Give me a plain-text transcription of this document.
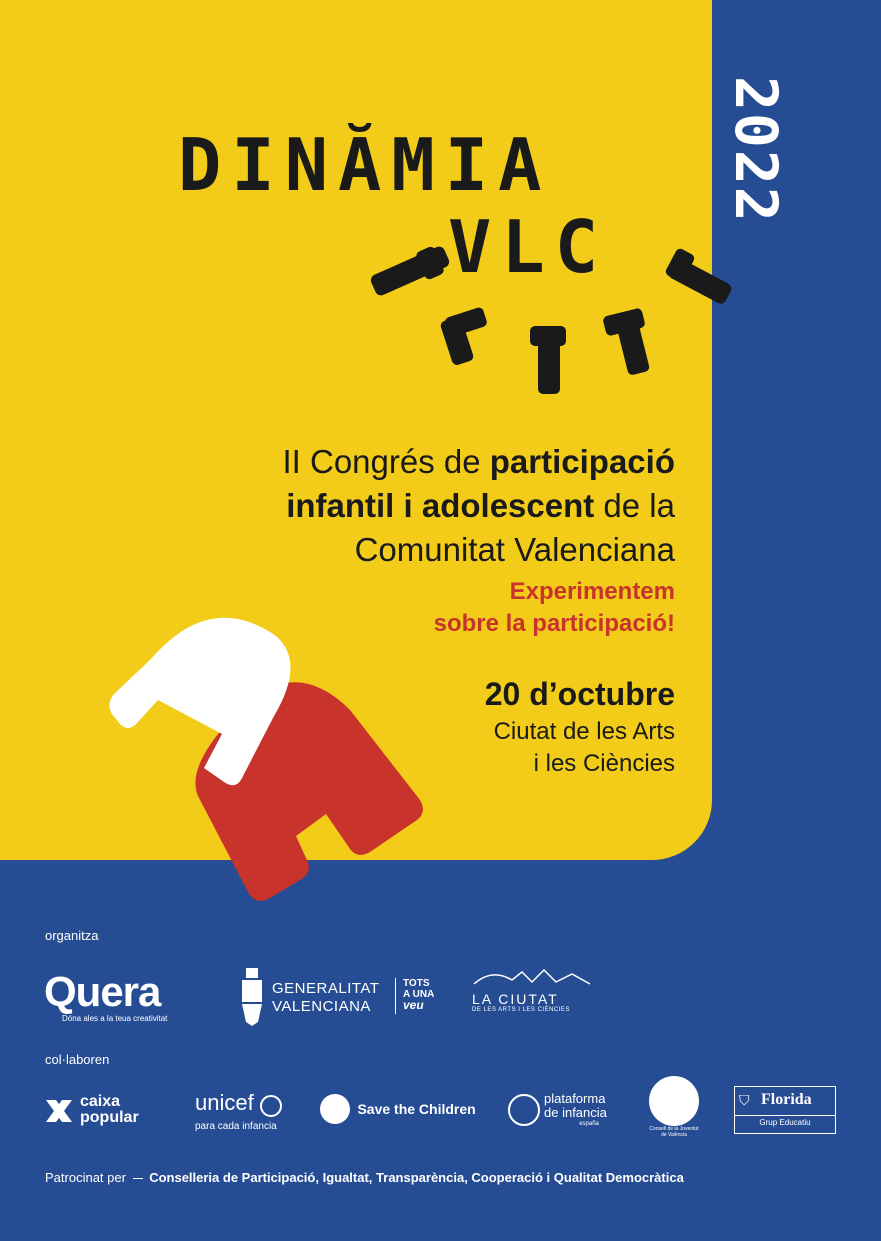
2022
DINĂMIA
VLC
II Congrés de participació
infantil i adolescent de la
Comunitat Valenciana
Experimentem
sobre la participació!
20 d’octubre
Ciutat de les Arts
i les Ciències
organitza
Quera
Dóna ales a la teua creativitat
GENERALITAT
VALENCIANA
TOTS
A UNA
veu	LA CIUTAT
DE LES ARTS I LES CIÈNCIES
col·laboren
caixa
popular
unicef
para cada infancia
Save the Children
plataforma
de infancia
españa
Consell de la Joventut
de València
⛉ Florida
Grup Educatiu
Patrocinat per Conselleria de Participació, Igualtat, Transparència, Cooperació i Qualitat Democràtica
